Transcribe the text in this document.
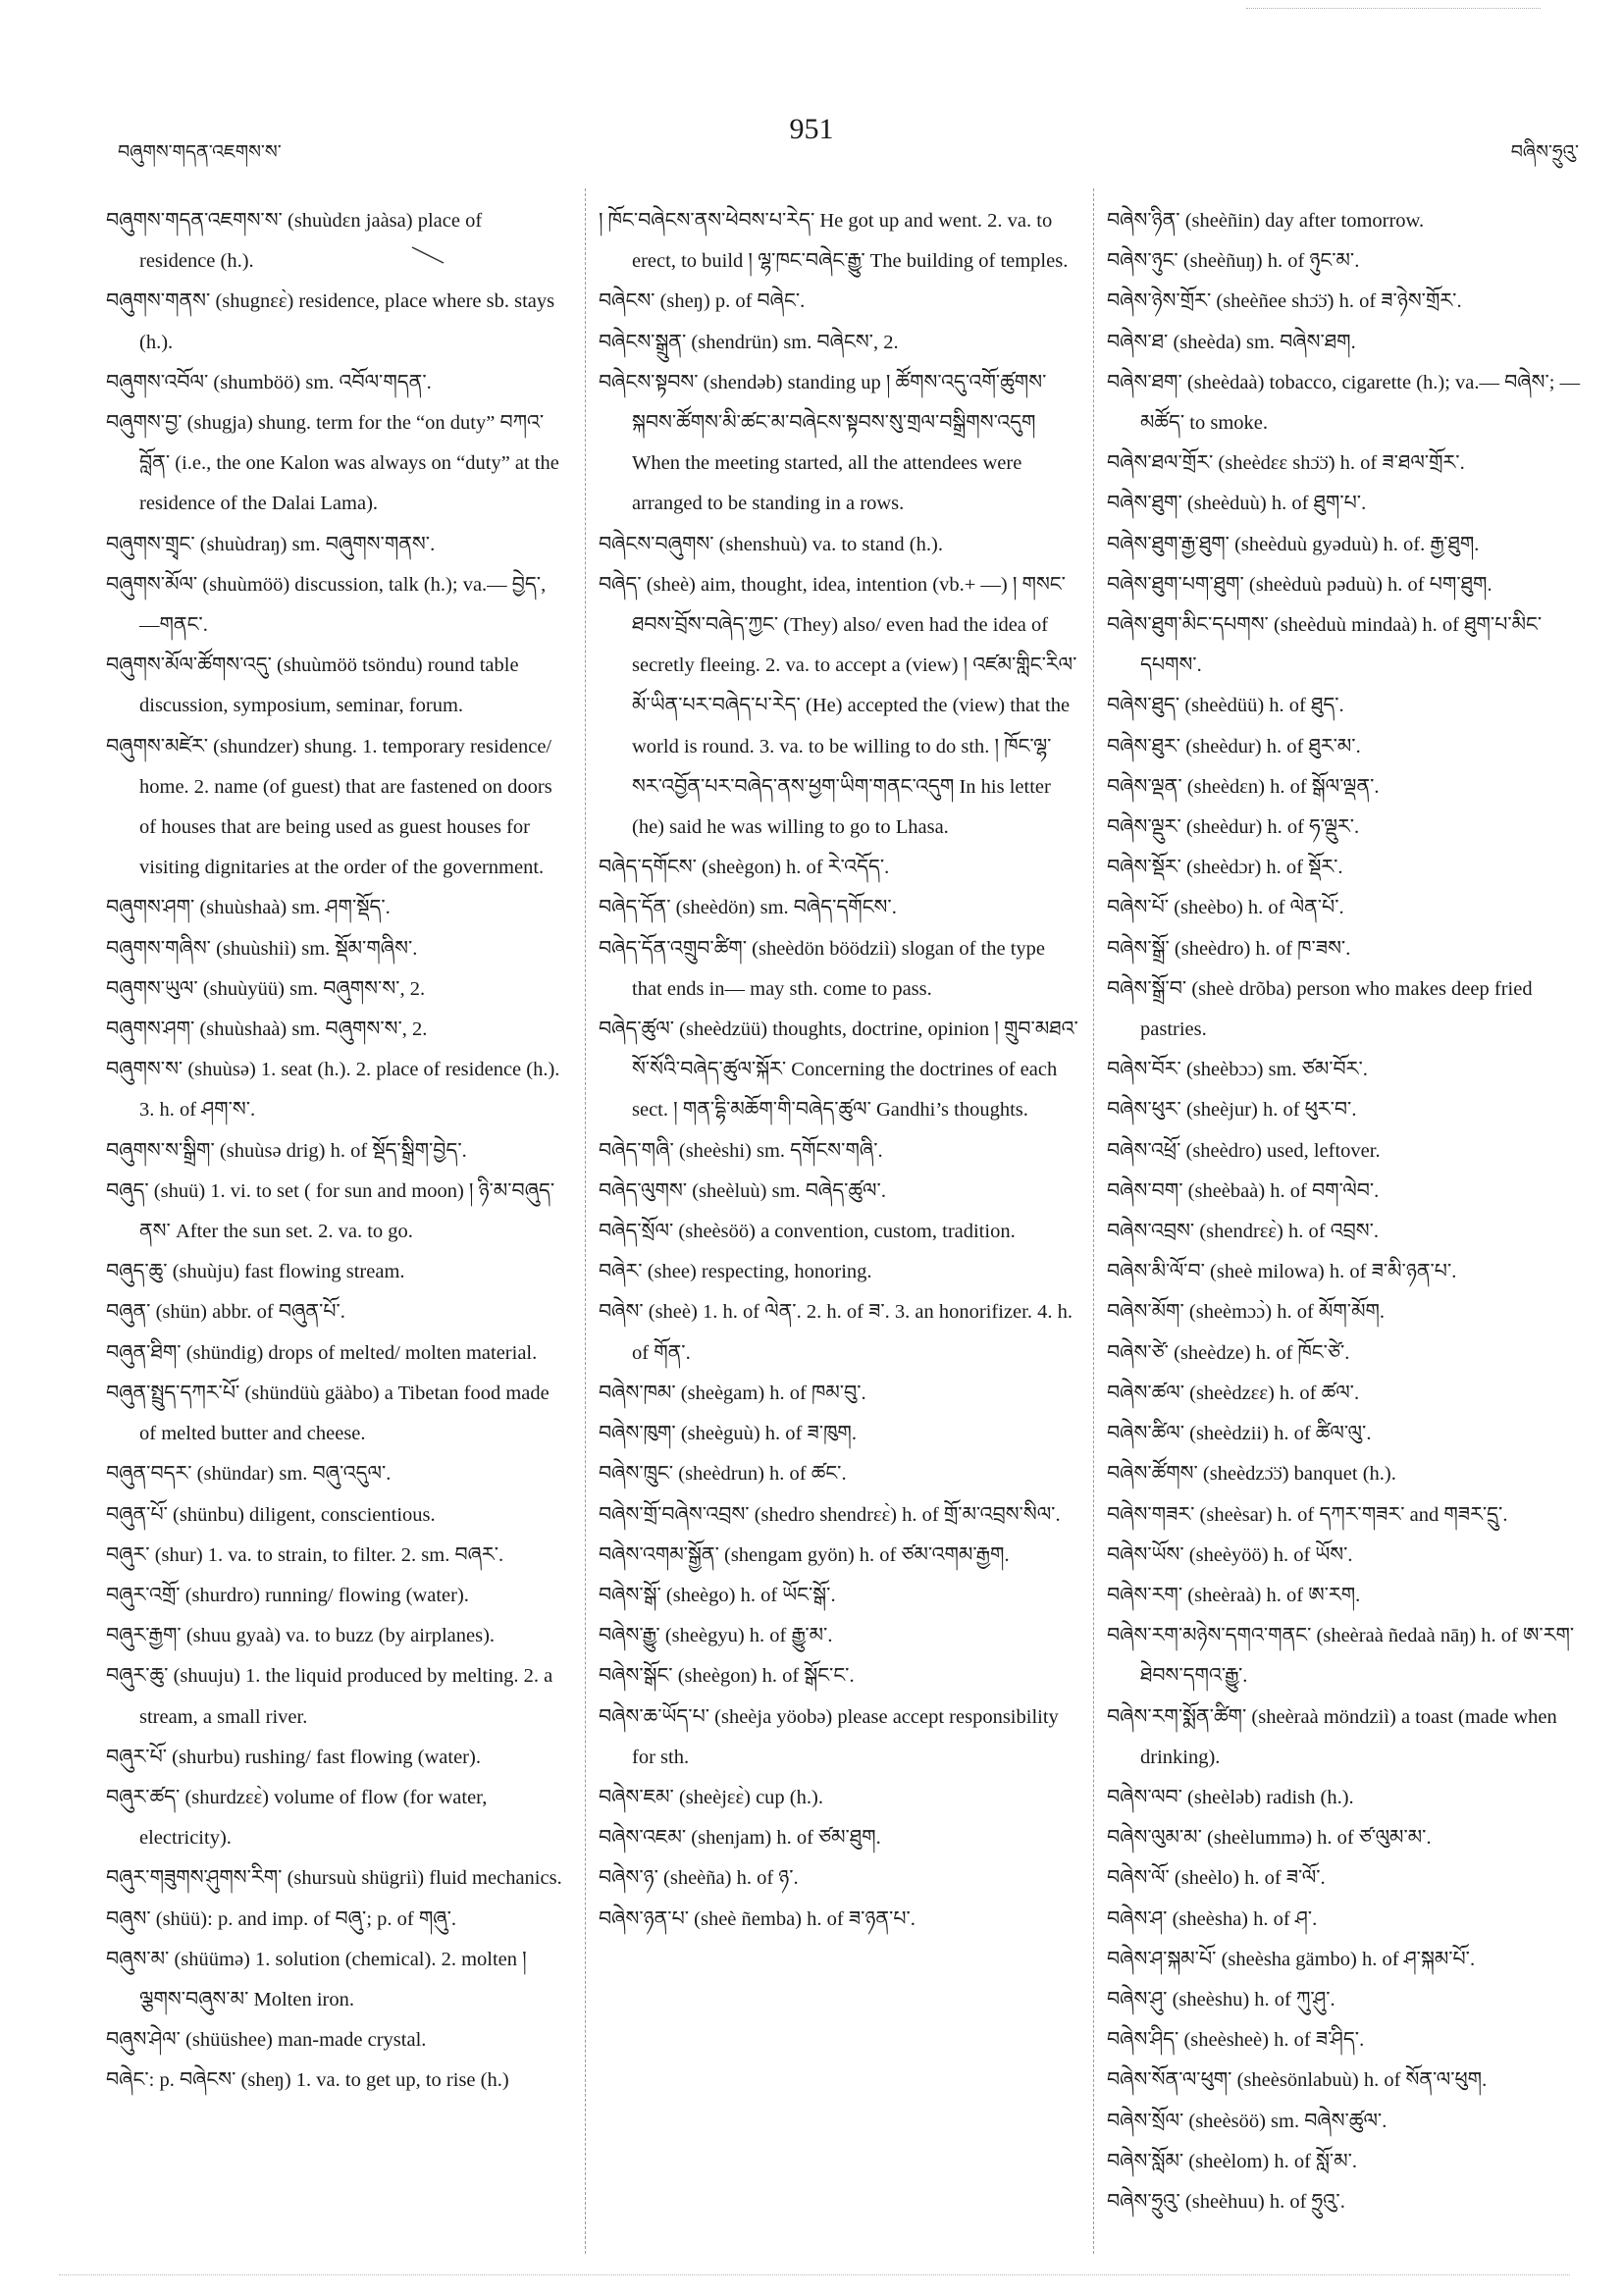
བཞུགས་གདན་འཇགས་ས་
951
བཞིས་ཧྲུའུ་

བཞུགས་གདན་འཇགས་ས་ (shuùdɛn jaàsa) place of residence (h.).

བཞུགས་གནས་ (shugnɛɛ̀) residence, place where sb. stays (h.).

བཞུགས་འབོལ་ (shumböö) sm. འབོལ་གདན་.

བཞུགས་བྱ་ (shugja) shung. term for the “on duty” བཀའ་བློན་ (i.e., the one Kalon was always on “duty” at the residence of the Dalai Lama).

བཞུགས་གྲྭང་ (shuùdraŋ) sm. བཞུགས་གནས་.

བཞུགས་མོལ་ (shuùmöö) discussion, talk (h.); va.— བྱེད་, —གནང་.

བཞུགས་མོལ་ཚོགས་འདུ་ (shuùmöö tsöndu) round table discussion, symposium, seminar, forum.

བཞུགས་མཛེར་ (shundzer) shung. 1. temporary residence/ home. 2. name (of guest) that are fastened on doors of houses that are being used as guest houses for visiting dignitaries at the order of the government.

བཞུགས་ཤག་ (shuùshaà) sm. ཤག་སྡོད་.

བཞུགས་གཞིས་ (shuùshiì) sm. སྡོམ་གཞིས་.

བཞུགས་ཡུལ་ (shuùyüü) sm. བཞུགས་ས་, 2.

བཞུགས་ཤག་ (shuùshaà) sm. བཞུགས་ས་, 2.

བཞུགས་ས་ (shuùsə) 1. seat (h.). 2. place of residence (h.). 3. h. of ཤག་ས་.

བཞུགས་ས་སྒྲིག་ (shuùsə drig) h. of སྡོད་སྒྲིག་བྱེད་.

བཞུད་ (shuü) 1. vi. to set ( for sun and moon) ། ཉི་མ་བཞུད་ནས་ After the sun set. 2. va. to go.

བཞུད་ཆུ་ (shuùju) fast flowing stream.

བཞུན་ (shün) abbr. of བཞུན་པོ་.

བཞུན་ཐིག་ (shündig) drops of melted/ molten material.

བཞུན་སྤྲུད་དཀར་པོ་ (shündüù gäàbo) a Tibetan food made of melted butter and cheese.

བཞུན་བདར་ (shündar) sm. བཞུ་འདུལ་.

བཞུན་པོ་ (shünbu) diligent, conscientious.

བཞུར་ (shur) 1. va. to strain, to filter. 2. sm. བཞར་.

བཞུར་འགྲོ་ (shurdro) running/ flowing (water).

བཞུར་རྒྱག་ (shuu gyaà) va. to buzz (by airplanes).

བཞུར་ཆུ་ (shuuju) 1. the liquid produced by melting. 2. a stream, a small river.

བཞུར་པོ་ (shurbu) rushing/ fast flowing (water).

བཞུར་ཚད་ (shurdzɛɛ̀) volume of flow (for water, electricity).

བཞུར་གཟུགས་ཤུགས་རིག་ (shursuù shügriì) fluid mechanics.

བཞུས་ (shüü): p. and imp. of བཞུ་; p. of གཞུ་.

བཞུས་མ་ (shüümə) 1. solution (chemical). 2. molten ། ལྕགས་བཞུས་མ་ Molten iron.

བཞུས་ཤེལ་ (shüüshee) man-made crystal.

བཞེང་: p. བཞེངས་ (sheŋ) 1. va. to get up, to rise (h.)

། ཁོང་བཞེངས་ནས་ཕེབས་པ་རེད་ He got up and went. 2. va. to erect, to build ། ལྷ་ཁང་བཞེང་རྒྱུ་ The building of temples.

བཞེངས་ (sheŋ) p. of བཞེང་.

བཞེངས་སྒྲུན་ (shendrün) sm. བཞེངས་, 2.

བཞེངས་སྟབས་ (shendəb) standing up ། ཚོགས་འདུ་འགོ་ཚུགས་སྐབས་ཚོགས་མི་ཚང་མ་བཞེངས་སྟབས་སུ་གྲལ་བསྒྲིགས་འདུག When the meeting started, all the attendees were arranged to be standing in a rows.

བཞེངས་བཞུགས་ (shenshuù) va. to stand (h.).

བཞེད་ (sheè) aim, thought, idea, intention (vb.+ —) ། གསང་ཐབས་བྲོས་བཞེད་ཀྱང་ (They) also/ even had the idea of secretly fleeing. 2. va. to accept a (view) ། འཛམ་གླིང་རིལ་མོ་ཡིན་པར་བཞེད་པ་རེད་ (He) accepted the (view) that the world is round. 3. va. to be willing to do sth. ། ཁོང་ལྷ་སར་འབྱོན་པར་བཞེད་ནས་ཕྱག་ཡིག་གནང་འདུག In his letter (he) said he was willing to go to Lhasa.

བཞེད་དགོངས་ (sheègon) h. of རེ་འདོད་.

བཞེད་དོན་ (sheèdön) sm. བཞེད་དགོངས་.

བཞེད་དོན་འགྲུབ་ཚིག་ (sheèdön böödziì) slogan of the type that ends in— may sth. come to pass.

བཞེད་ཚུལ་ (sheèdzüü) thoughts, doctrine, opinion ། གྲུབ་མཐའ་སོ་སོའི་བཞེད་ཚུལ་སྐོར་ Concerning the doctrines of each sect. ། གན་དྷི་མཆོག་གི་བཞེད་ཚུལ་ Gandhi’s thoughts.

བཞེད་གཞི་ (sheèshi) sm. དགོངས་གཞི་.

བཞེད་ལུགས་ (sheèluù) sm. བཞེད་ཚུལ་.

བཞེད་སྲོལ་ (sheèsöö) a convention, custom, tradition.

བཞེར་ (shee) respecting, honoring.

བཞེས་ (sheè) 1. h. of ལེན་. 2. h. of ཟ་. 3. an honorifizer. 4. h. of གོན་.

བཞེས་ཁམ་ (sheègam) h. of ཁམ་བུ་.

བཞེས་ཁུག་ (sheèguù) h. of ཟ་ཁུག.

བཞེས་ཁྲུང་ (sheèdrun) h. of ཚང་.

བཞེས་གྲོ་བཞེས་འབྲས་ (shedro shendrɛɛ̀) h. of གྲོ་མ་འབྲས་སིལ་.

བཞེས་འགམ་སྒྱོན་ (shengam gyön) h. of ཙམ་འགམ་རྒྱག.

བཞེས་སྒོ་ (sheègo) h. of ཡོང་སྒོ་.

བཞེས་རྒྱུ་ (sheègyu) h. of རྒྱུ་མ་.

བཞེས་སྒོང་ (sheègon) h. of སྒོང་ང་.

བཞེས་ཆ་ཡོད་པ་ (sheèja yöobə) please accept responsibility for sth.

བཞེས་ཇམ་ (sheèjɛɛ̀) cup (h.).

བཞེས་འཇམ་ (shenjam) h. of ཙམ་ཐུག.

བཞེས་ཉ་ (sheèña) h. of ཉ་.

བཞེས་ཉན་པ་ (sheè ñemba) h. of ཟ་ཉན་པ་.

བཞེས་ཉིན་ (sheèñin) day after tomorrow.

བཞེས་ཉུང་ (sheèñuŋ) h. of ཉུང་མ་.

བཞེས་ཉེས་གྲོར་ (sheèñee shɔ̈ɔ̈) h. of ཟ་ཉེས་གྲོར་.

བཞེས་ཐ་ (sheèda) sm. བཞེས་ཐག.

བཞེས་ཐག་ (sheèdaà) tobacco, cigarette (h.); va.— བཞེས་; —མཚོད་ to smoke.

བཞེས་ཐལ་གྲོར་ (sheèdɛɛ shɔ̈ɔ̈) h. of ཟ་ཐལ་གྲོར་.

བཞེས་ཐུག་ (sheèduù) h. of ཐུག་པ་.

བཞེས་ཐུག་རྒྱ་ཐུག་ (sheèduù gyəduù) h. of. རྒྱ་ཐུག.

བཞེས་ཐུག་པག་ཐུག་ (sheèduù pəduù) h. of པག་ཐུག.

བཞེས་ཐུག་མིང་དཔགས་ (sheèduù mindaà) h. of ཐུག་པ་མིང་དཔགས་.

བཞེས་ཐུད་ (sheèdüü) h. of ཐུད་.

བཞེས་ཐུར་ (sheèdur) h. of ཐུར་མ་.

བཞེས་ལྡན་ (sheèdɛn) h. of སྒོལ་ལྡན་.

བཞེས་ལྡུར་ (sheèdur) h. of ཧ་ལྡུར་.

བཞེས་སྡོར་ (sheèdɔr) h. of སྡོར་.

བཞེས་པོ་ (sheèbo) h. of ལེན་པོ་.

བཞེས་སྒྲོ་ (sheèdro) h. of ཁ་ཟས་.

བཞེས་སྒྲོ་བ་ (sheè drõba) person who makes deep fried pastries.

བཞེས་བོར་ (sheèbɔɔ) sm. ཙམ་བོར་.

བཞེས་ཕུར་ (sheèjur) h. of ཕུར་བ་.

བཞེས་འཕྲོ་ (sheèdro) used, leftover.

བཞེས་བག་ (sheèbaà) h. of བག་ལེབ་.

བཞེས་འབྲས་ (shendrɛɛ̀) h. of འབྲས་.

བཞེས་མི་ལོ་བ་ (sheè milowa) h. of ཟ་མི་ཉན་པ་.

བཞེས་མོག་ (sheèmɔɔ̀) h. of མོག་མོག.

བཞེས་ཙེ་ (sheèdze) h. of ཁོང་ཙེ་.

བཞེས་ཚལ་ (sheèdzɛɛ) h. of ཚལ་.

བཞེས་ཚིལ་ (sheèdzii) h. of ཚིལ་ལུ་.

བཞེས་ཚོགས་ (sheèdzɔ̈ɔ̈) banquet (h.).

བཞེས་གཟར་ (sheèsar) h. of དཀར་གཟར་ and གཟར་དྲུ་.

བཞེས་ཡོས་ (sheèyöö) h. of ཡོས་.

བཞེས་རག་ (sheèraà) h. of ཨ་རག.

བཞེས་རག་མཉེས་དགའ་གནང་ (sheèraà ñedaà nāŋ) h. of ཨ་རག་ཐེབས་དགའ་རྒྱུ་.

བཞེས་རག་སྨོན་ཚིག་ (sheèraà möndziì) a toast (made when drinking).

བཞེས་ལབ་ (sheèləb) radish (h.).

བཞེས་ལུམ་མ་ (sheèlummə) h. of ཙ་ལུམ་མ་.

བཞེས་ལོ་ (sheèlo) h. of ཟ་ལོ་.

བཞེས་ཤ་ (sheèsha) h. of ཤ་.

བཞེས་ཤ་སྐམ་པོ་ (sheèsha gämbo) h. of ཤ་སྐམ་པོ་.

བཞེས་ཤུ་ (sheèshu) h. of ཀུ་ཤུ་.

བཞེས་ཤིད་ (sheèsheè) h. of ཟ་ཤིད་.

བཞེས་སོན་ལ་ཕུག་ (sheèsönlabuù) h. of སོན་ལ་ཕུག.

བཞེས་སྲོལ་ (sheèsöö) sm. བཞེས་ཚུལ་.

བཞེས་སློམ་ (sheèlom) h. of སློ་མ་.

བཞེས་ཧྲུའུ་ (sheèhuu) h. of ཧྲུའུ་.
